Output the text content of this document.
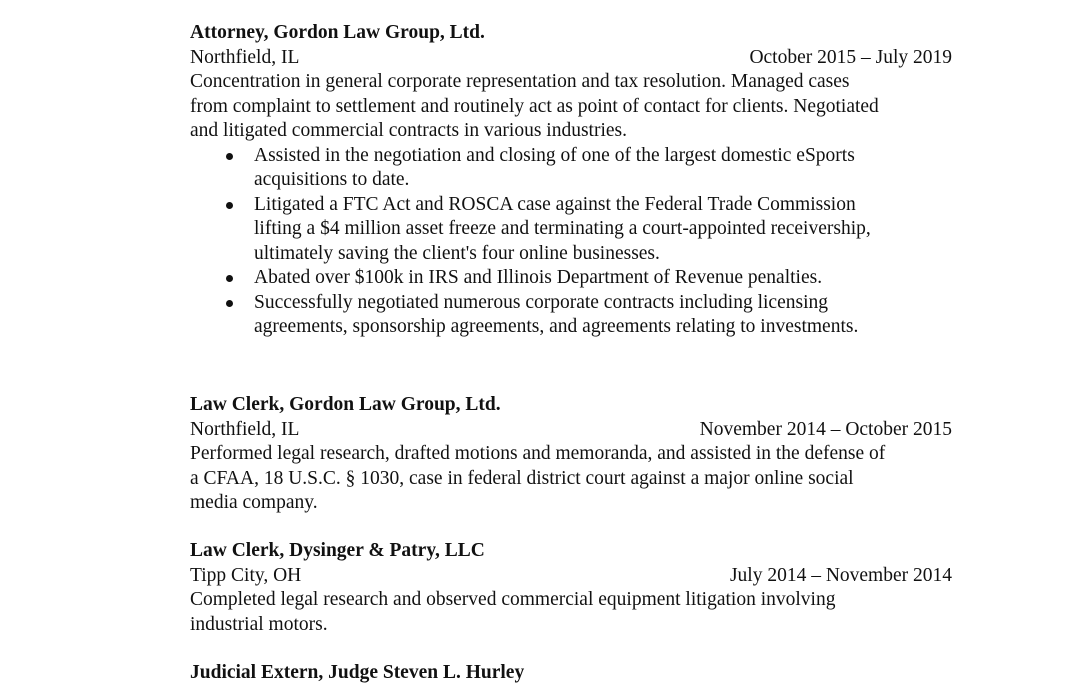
Attorney, Gordon Law Group, Ltd.
Northfield, IL	October 2015 – July 2019
Concentration in general corporate representation and tax resolution. Managed cases
from complaint to settlement and routinely act as point of contact for clients. Negotiated
and litigated commercial contracts in various industries.
Assisted in the negotiation and closing of one of the largest domestic eSports
acquisitions to date.
Litigated a FTC Act and ROSCA case against the Federal Trade Commission
lifting a $4 million asset freeze and terminating a court-appointed receivership,
ultimately saving the client's four online businesses.
Abated over $100k in IRS and Illinois Department of Revenue penalties.
Successfully negotiated numerous corporate contracts including licensing
agreements, sponsorship agreements, and agreements relating to investments.
Law Clerk, Gordon Law Group, Ltd.
Northfield, IL	November 2014 – October 2015
Performed legal research, drafted motions and memoranda, and assisted in the defense of
a CFAA, 18 U.S.C. § 1030, case in federal district court against a major online social
media company.
Law Clerk, Dysinger & Patry, LLC
Tipp City, OH	July 2014 – November 2014
Completed legal research and observed commercial equipment litigation involving
industrial motors.
Judicial Extern, Judge Steven L. Hurley
